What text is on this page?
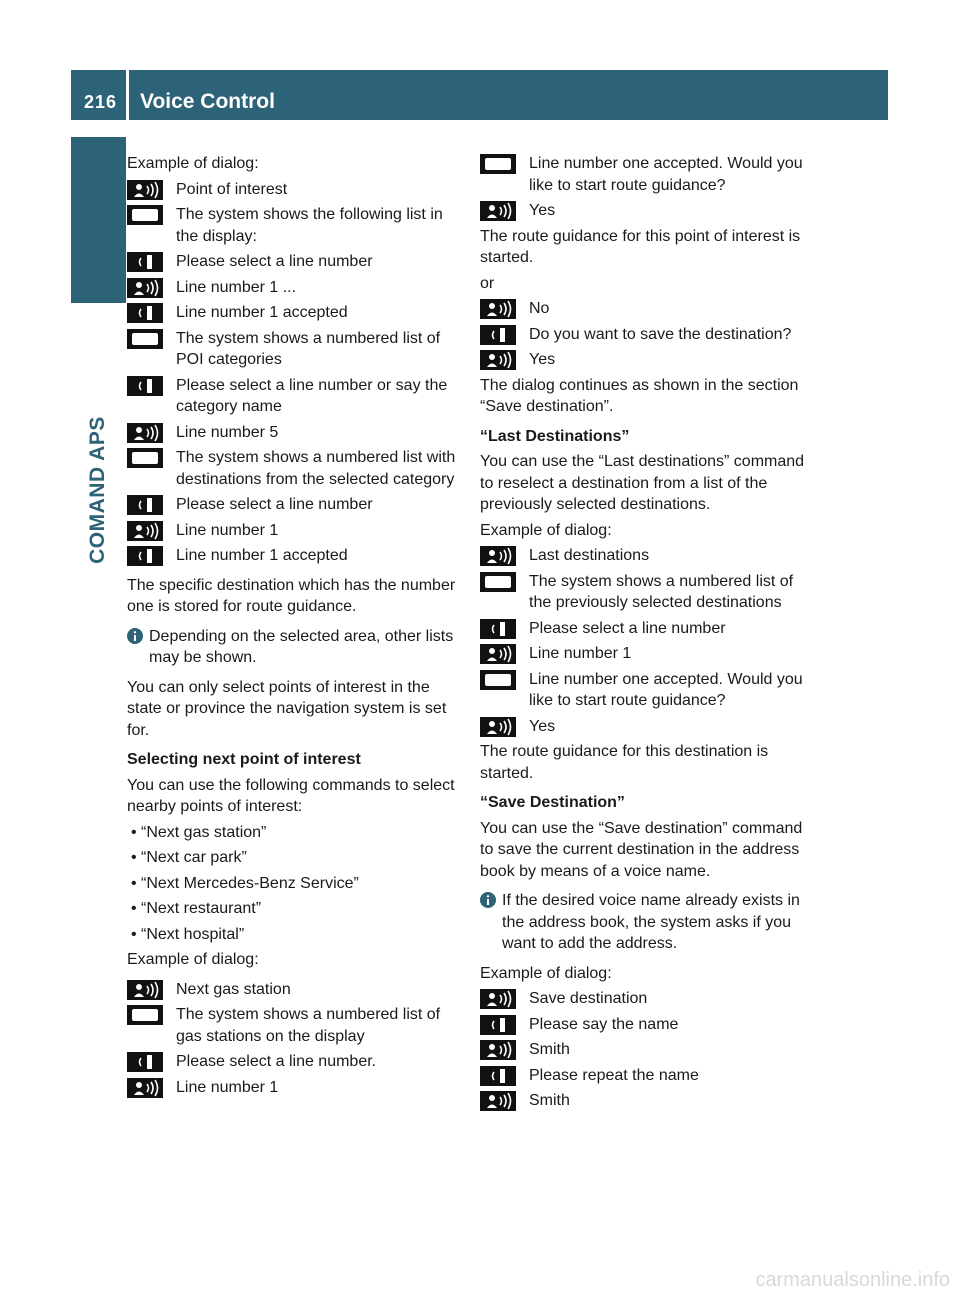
216 Voice Control
COMAND APS

Example of dialog:

Point of interest
The system shows the following list in the display:
Please select a line number
Line number 1 ...
Line number 1 accepted
The system shows a numbered list of POI categories
Please select a line number or say the category name
Line number 5
The system shows a numbered list with destinations from the selected category
Please select a line number
Line number 1
Line number 1 accepted

The specific destination which has the number one is stored for route guidance.

Depending on the selected area, other lists may be shown.

You can only select points of interest in the state or province the navigation system is set for.

Selecting next point of interest

You can use the following commands to select nearby points of interest:

• “Next gas station”
• “Next car park”
• “Next Mercedes-Benz Service”
• “Next restaurant”
• “Next hospital”

Example of dialog:

Next gas station
The system shows a numbered list of gas stations on the display
Please select a line number.
Line number 1
Line number one accepted. Would you like to start route guidance?
Yes

The route guidance for this point of interest is started.

or

No
Do you want to save the destination?
Yes

The dialog continues as shown in the section “Save destination”.

“Last Destinations”

You can use the “Last destinations” command to reselect a destination from a list of the previously selected destinations.

Example of dialog:

Last destinations
The system shows a numbered list of the previously selected destinations
Please select a line number
Line number 1
Line number one accepted. Would you like to start route guidance?
Yes

The route guidance for this destination is started.

“Save Destination”

You can use the “Save destination” command to save the current destination in the address book by means of a voice name.

If the desired voice name already exists in the address book, the system asks if you want to add the address.

Example of dialog:

Save destination
Please say the name
Smith
Please repeat the name
Smith
carmanualsonline.info
